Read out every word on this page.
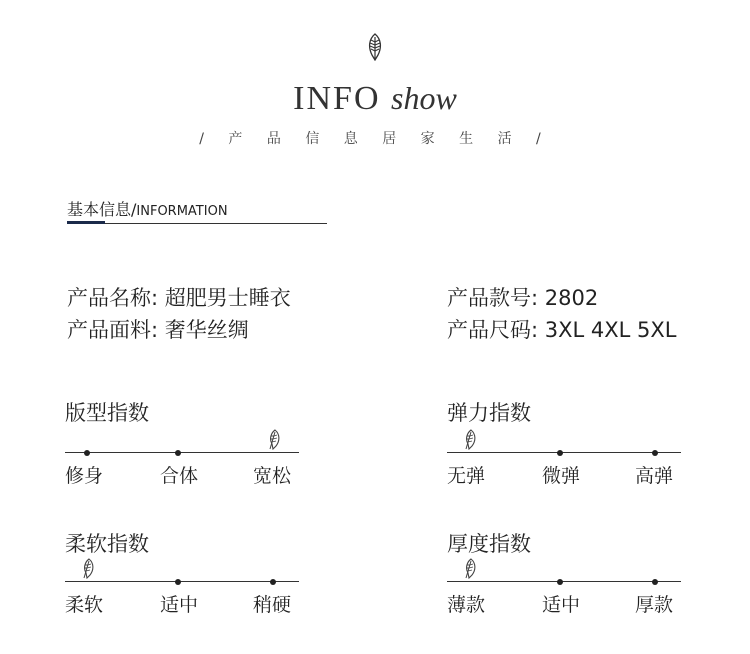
INFO show
/ 产 品 信 息 居 家 生 活 /
基本信息/INFORMATION
产品名称: 超肥男士睡衣	产品款号: 2802
产品面料: 奢华丝绸	产品尺码: 3XL 4XL 5XL
版型指数
修身	合体	宽松
弹力指数
无弹	微弹	高弹
柔软指数
柔软	适中	稍硬
厚度指数
薄款	适中	厚款
